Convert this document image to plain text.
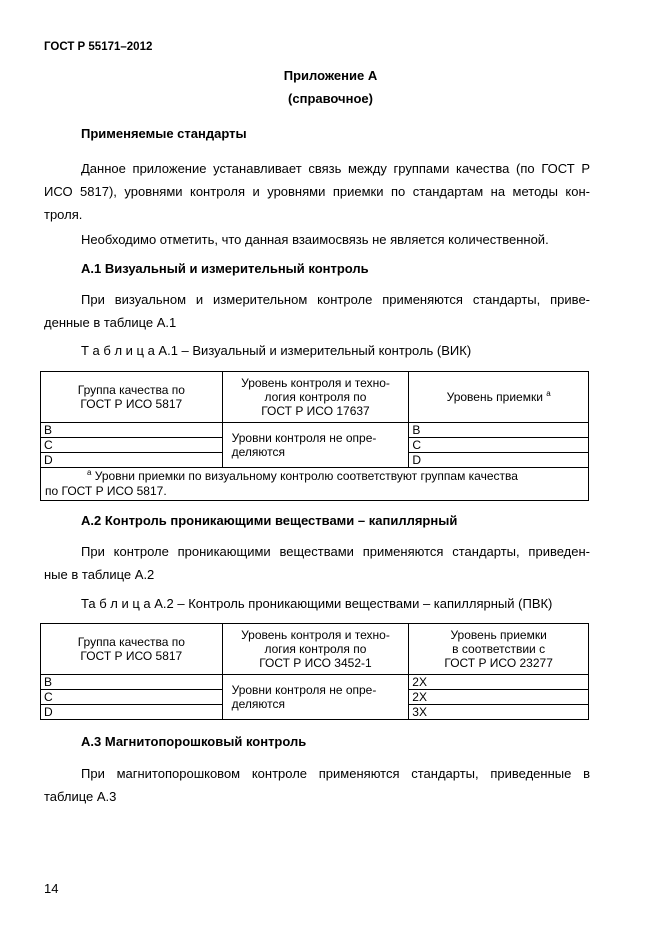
ГОСТ Р 55171–2012
Приложение А
(справочное)
Применяемые стандарты
Данное приложение устанавливает связь между группами качества (по ГОСТ Р
ИСО 5817), уровнями контроля и уровнями приемки по стандартам на методы кон-
троля.
Необходимо отметить, что данная взаимосвязь не является количественной.
А.1 Визуальный и измерительный контроль
При визуальном и измерительном контроле применяются стандарты, приве-
денные в таблице А.1
Т а б л и ц а А.1 – Визуальный и измерительный контроль (ВИК)
Группа качества по
ГОСТ Р ИСО 5817	Уровень контроля и техно-
логия контроля по
ГОСТ Р ИСО 17637	Уровень приемки $^a$
B	Уровни контроля не опре-
деляются	B
C		C
D		D
$^a$ Уровни приемки по визуальному контролю соответствуют группам качества
по ГОСТ Р ИСО 5817.		
А.2 Контроль проникающими веществами – капиллярный
При контроле проникающими веществами применяются стандарты, приведен-
ные в таблице А.2
Та б л и ц а А.2 – Контроль проникающими веществами – капиллярный (ПВК)
Группа качества по
ГОСТ Р ИСО 5817	Уровень контроля и техно-
логия контроля по
ГОСТ Р ИСО 3452-1	Уровень приемки
в соответствии с
ГОСТ Р ИСО 23277
B	Уровни контроля не опре-
деляются	2X
C		2X
D		3X
А.3 Магнитопорошковый контроль
При магнитопорошковом контроле применяются стандарты, приведенные в
таблице А.3
14
